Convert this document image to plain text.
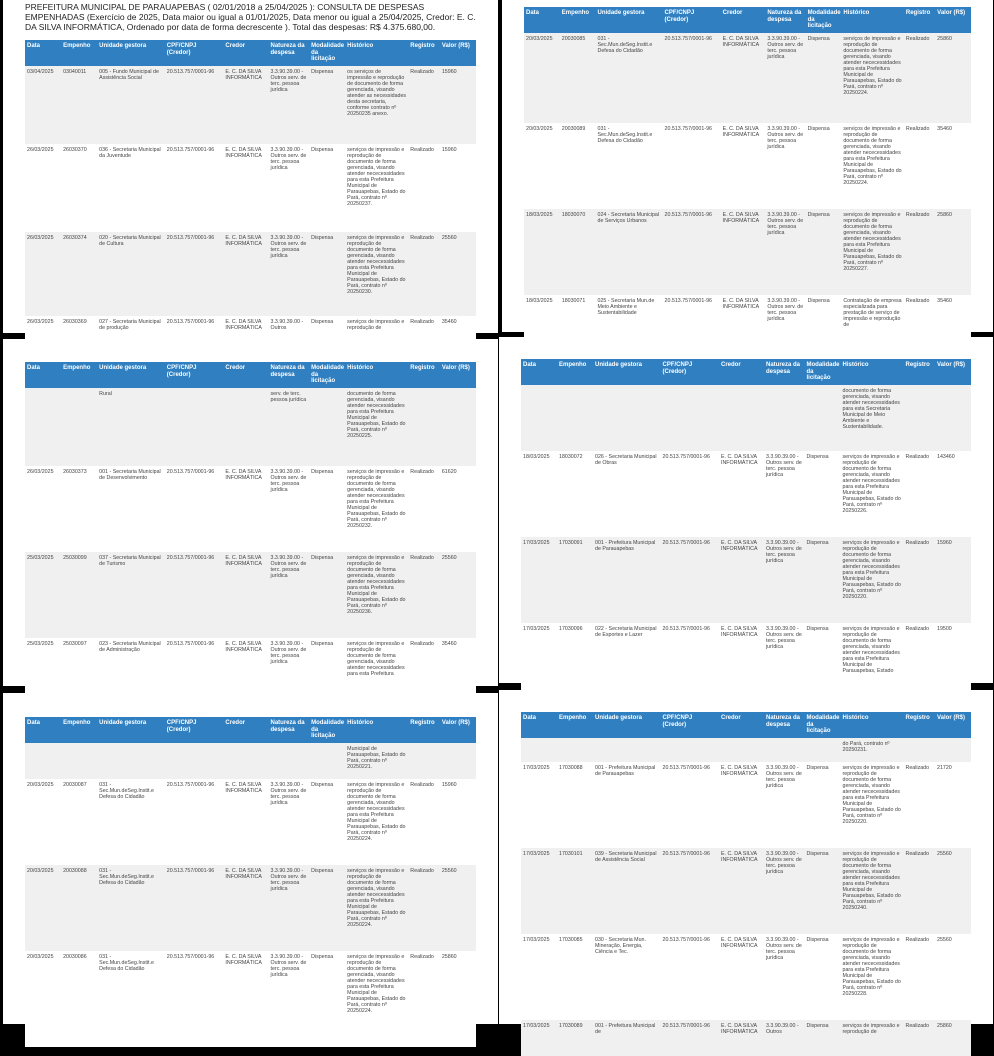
PREFEITURA MUNICIPAL DE PARAUAPEBAS ( 02/01/2018 a 25/04/2025 ): CONSULTA DE DESPESAS EMPENHADAS (Exercício de 2025, Data maior ou igual a 01/01/2025, Data menor ou igual a 25/04/2025, Credor: E. C. DA SILVA INFORMÁTICA, Ordenado por data de forma decrescente ). Total das despesas: R$ 4.375.680,00.

Data	Empenho	Unidade gestora	CPF/CNPJ (Credor)	Credor	Natureza da despesa	Modalidade da licitação	Histórico	Registro	Valor (R$)
03/04/2025	03040011	005 - Fundo Municipal de Assistência Social	20.513.757/0001-96	E. C. DA SILVA INFORMÁTICA	3.3.90.39.00 - Outros serv. de terc. pessoa jurídica	Dispensa	os serviços de impressão e reprodução de documento de forma gerenciada, visando atender as necessidades desta secretaria, conforme contrato nº 20250235 anexo.	Realizado	15960
26/03/2025	26030370	036 - Secretaria Municipal da Juventude	20.513.757/0001-96	E. C. DA SILVA INFORMÁTICA	3.3.90.39.00 - Outros serv. de terc. pessoa jurídica	Dispensa	serviços de impressão e reprodução de documento de forma gerenciada, visando atender nececessidades para esta Prefeitura Municipal de Parauapebas, Estado do Pará, contrato nº 20250237.	Realizado	15960
26/03/2025	26030374	020 - Secretaria Municipal de Cultura	20.513.757/0001-96	E. C. DA SILVA INFORMÁTICA	3.3.90.39.00 - Outros serv. de terc. pessoa jurídica	Dispensa	serviços de impressão e reprodução de documento de forma gerenciada, visando atender nececessidades para esta Prefeitura Municipal de Parauapebas, Estado do Pará, contrato nº 20250230.	Realizado	25560
26/03/2025	26030369	027 - Secretaria Municipal de produção	20.513.757/0001-96	E. C. DA SILVA INFORMÁTICA	3.3.90.39.00 - Outros	Dispensa	serviços de impressão e reprodução de	Realizado	35460
Data	Empenho	Unidade gestora	CPF/CNPJ (Credor)	Credor	Natureza da despesa	Modalidade da licitação	Histórico	Registro	Valor (R$)
20/03/2025	20030085	031 - Sec.Mun.deSeg.Instit.e Defesa do Cidadão	20.513.757/0001-96	E. C. DA SILVA INFORMÁTICA	3.3.90.39.00 - Outros serv. de terc. pessoa jurídica	Dispensa	serviços de impressão e reprodução de documento de forma gerenciada, visando atender nececessidades para esta Prefeitura Municipal de Parauapebas, Estado do Pará, contrato nº 20250224.	Realizado	25860
20/03/2025	20030089	031 - Sec.Mun.deSeg.Instit.e Defesa do Cidadão	20.513.757/0001-96	E. C. DA SILVA INFORMÁTICA	3.3.90.39.00 - Outros serv. de terc. pessoa jurídica	Dispensa	serviços de impressão e reprodução de documento de forma gerenciada, visando atender nececessidades para esta Prefeitura Municipal de Parauapebas, Estado do Pará, contrato nº 20250224.	Realizado	35460
18/03/2025	18030070	024 - Secretaria Municipal de Serviços Urbanos	20.513.757/0001-96	E. C. DA SILVA INFORMÁTICA	3.3.90.39.00 - Outros serv. de terc. pessoa jurídica	Dispensa	serviços de impressão e reprodução de documento de forma gerenciada, visando atender nececessidades para esta Prefeitura Municipal de Parauapebas, Estado do Pará, contrato nº 20250227.	Realizado	25860
18/03/2025	18030071	025 - Secretaria Mun.de Meio Ambiente e Sustentabilidade	20.513.757/0001-96	E. C. DA SILVA INFORMÁTICA	3.3.90.39.00 - Outros serv. de terc. pessoa jurídica	Dispensa	Contratação de empresa especializada para prestação de serviço de impressão e reprodução de	Realizado	35460
Data	Empenho	Unidade gestora	CPF/CNPJ (Credor)	Credor	Natureza da despesa	Modalidade da licitação	Histórico	Registro	Valor (R$)
		Rural			serv. de terc. pessoa jurídica		documento de forma gerenciada, visando atender nececessidades para esta Prefeitura Municipal de Parauapebas, Estado do Pará, contrato nº 20250225.		
26/03/2025	26030373	001 - Secretaria Municipal de Desenvolvimento	20.513.757/0001-96	E. C. DA SILVA INFORMÁTICA	3.3.90.39.00 - Outros serv. de terc. pessoa jurídica	Dispensa	serviços de impressão e reprodução de documento de forma gerenciada, visando atender nececessidades para esta Prefeitura Municipal de Parauapebas, Estado do Pará, contrato nº 20250232.	Realizado	61620
25/03/2025	25030099	037 - Secretaria Municipal de Turismo	20.513.757/0001-96	E. C. DA SILVA INFORMÁTICA	3.3.90.39.00 - Outros serv. de terc. pessoa jurídica	Dispensa	serviços de impressão e reprodução de documento de forma gerenciada, visando atender nececessidades para esta Prefeitura Municipal de Parauapebas, Estado do Pará, contrato nº 20250236.	Realizado	25560
25/03/2025	25030097	023 - Secretaria Municipal de Administração	20.513.757/0001-96	E. C. DA SILVA INFORMÁTICA	3.3.90.39.00 - Outros serv. de terc. pessoa jurídica	Dispensa	serviços de impressão e reprodução de documento de forma gerenciada, visando atender nececessidades para esta Prefeitura	Realizado	35460
Data	Empenho	Unidade gestora	CPF/CNPJ (Credor)	Credor	Natureza da despesa	Modalidade da licitação	Histórico	Registro	Valor (R$)
							documento de forma gerenciada, visando atender nececessidades para esta Secretaria Municipal de Meio Ambiente e Sustentabilidade.		
18/03/2025	18030072	026 - Secretaria Municipal de Obras	20.513.757/0001-96	E. C. DA SILVA INFORMÁTICA	3.3.90.39.00 - Outros serv. de terc. pessoa jurídica	Dispensa	serviços de impressão e reprodução de documento de forma gerenciada, visando atender nececessidades para esta Prefeitura Municipal de Parauapebas, Estado do Pará, contrato nº 20250226.	Realizado	143460
17/03/2025	17030091	001 - Prefeitura Municipal de Parauapebas	20.513.757/0001-96	E. C. DA SILVA INFORMÁTICA	3.3.90.39.00 - Outros serv. de terc. pessoa jurídica	Dispensa	serviços de impressão e reprodução de documento de forma gerenciada, visando atender nececessidades para esta Prefeitura Municipal de Parauapebas, Estado do Pará, contrato nº 20250220.	Realizado	15960
17/03/2025	17030096	022 - Secretaria Municipal de Esportes e Lazer	20.513.757/0001-96	E. C. DA SILVA INFORMÁTICA	3.3.90.39.00 - Outros serv. de terc. pessoa jurídica	Dispensa	serviços de impressão e reprodução de documento de forma gerenciada, visando atender nececessidades para esta Prefeitura Municipal de Parauapebas, Estado	Realizado	19500
Data	Empenho	Unidade gestora	CPF/CNPJ (Credor)	Credor	Natureza da despesa	Modalidade da licitação	Histórico	Registro	Valor (R$)
							Municipal de Parauapebas, Estado do Pará, contrato nº 20250221.		
20/03/2025	20030087	031 - Sec.Mun.deSeg.Instit.e Defesa do Cidadão	20.513.757/0001-96	E. C. DA SILVA INFORMÁTICA	3.3.90.39.00 - Outros serv. de terc. pessoa jurídica	Dispensa	serviços de impressão e reprodução de documento de forma gerenciada, visando atender nececessidades para esta Prefeitura Municipal de Parauapebas, Estado do Pará, contrato nº 20250224.	Realizado	15960
20/03/2025	20030088	031 - Sec.Mun.deSeg.Instit.e Defesa do Cidadão	20.513.757/0001-96	E. C. DA SILVA INFORMÁTICA	3.3.90.39.00 - Outros serv. de terc. pessoa jurídica	Dispensa	serviços de impressão e reprodução de documento de forma gerenciada, visando atender nececessidades para esta Prefeitura Municipal de Parauapebas, Estado do Pará, contrato nº 20250224.	Realizado	25560
20/03/2025	20030086	031 - Sec.Mun.deSeg.Instit.e Defesa do Cidadão	20.513.757/0001-96	E. C. DA SILVA INFORMÁTICA	3.3.90.39.00 - Outros serv. de terc. pessoa jurídica	Dispensa	serviços de impressão e reprodução de documento de forma gerenciada, visando atender nececessidades para esta Prefeitura Municipal de Parauapebas, Estado do Pará, contrato nº 20250224.	Realizado	25860
Data	Empenho	Unidade gestora	CPF/CNPJ (Credor)	Credor	Natureza da despesa	Modalidade da licitação	Histórico	Registro	Valor (R$)
							do Pará, contrato nº 20250231.		
17/03/2025	17030088	001 - Prefeitura Municipal de Parauapebas	20.513.757/0001-96	E. C. DA SILVA INFORMÁTICA	3.3.90.39.00 - Outros serv. de terc. pessoa jurídica	Dispensa	serviços de impressão e reprodução de documento de forma gerenciada, visando atender nececessidades para esta Prefeitura Municipal de Parauapebas, Estado do Pará, contrato nº 20250220.	Realizado	21720
17/03/2025	17030101	039 - Secretaria Municipal de Assistência Social	20.513.757/0001-96	E. C. DA SILVA INFORMÁTICA	3.3.90.39.00 - Outros serv. de terc. pessoa jurídica	Dispensa	serviços de impressão e reprodução de documento de forma gerenciada, visando atender nececessidades para esta Prefeitura Municipal de Parauapebas, Estado do Pará, contrato nº 20250240.	Realizado	25560
17/03/2025	17030085	030 - Secretaria Mun. Mineração, Energia, Ciência e Tec.	20.513.757/0001-96	E. C. DA SILVA INFORMÁTICA	3.3.90.39.00 - Outros serv. de terc. pessoa jurídica	Dispensa	serviços de impressão e reprodução de documento de forma gerenciada, visando atender nececessidades para esta Prefeitura Municipal de Parauapebas, Estado do Pará, contrato nº 20250228.	Realizado	25560
17/03/2025	17030089	001 - Prefeitura Municipal de	20.513.757/0001-96	E. C. DA SILVA INFORMÁTICA	3.3.90.39.00 - Outros	Dispensa	serviços de impressão e reprodução de	Realizado	25860
